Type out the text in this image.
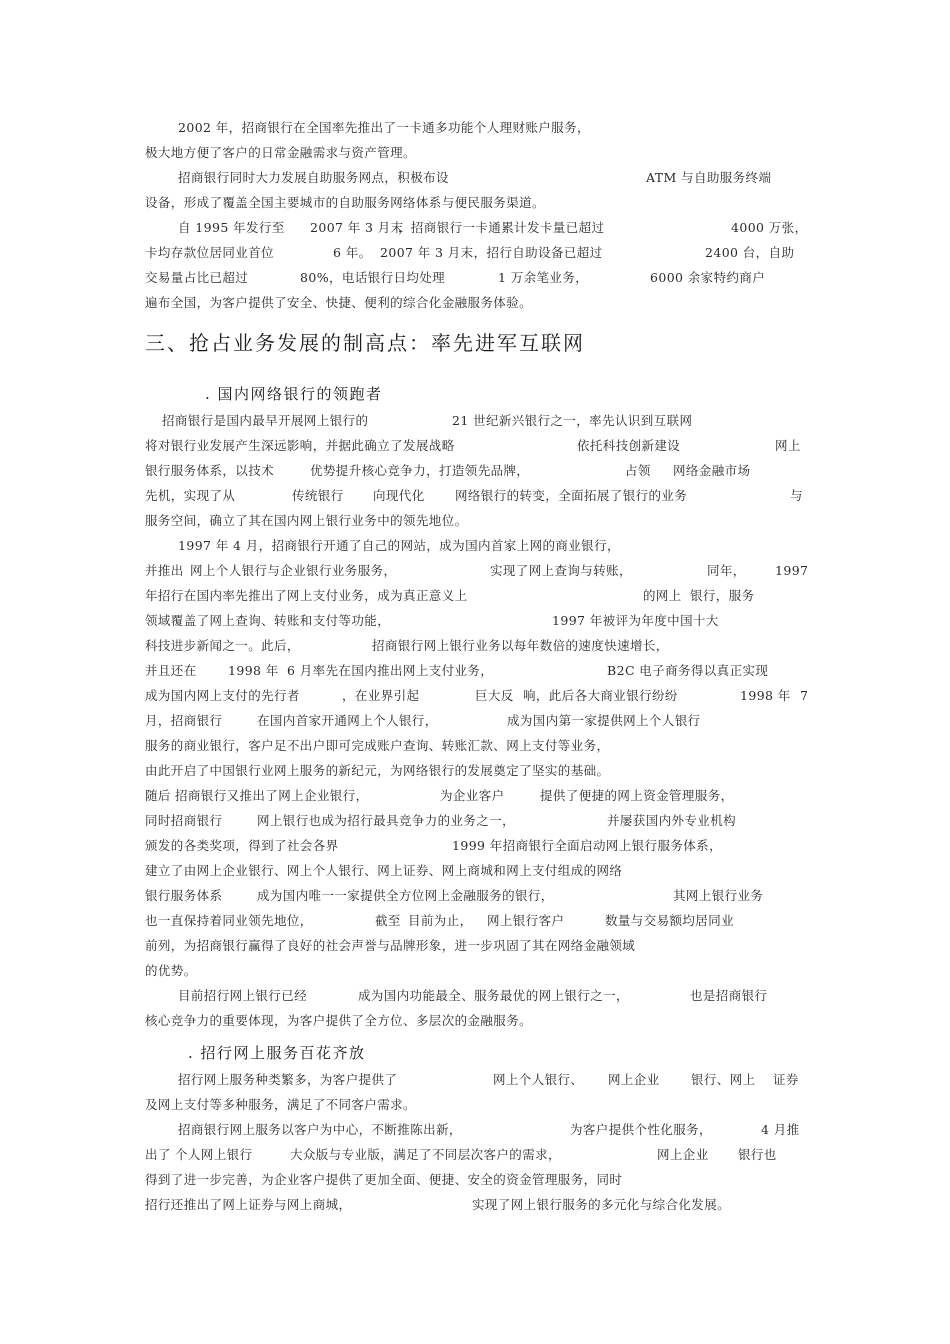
2002 年，招商银行在全国率先推出了一卡通多功能个人理财账户服务，
极大地方便了客户的日常金融需求与资产管理。
招商银行同时大力发展自助服务网点，积极布设	ATM 与自助服务终端
设备，形成了覆盖全国主要城市的自助服务网络体系与便民服务渠道。
自 1995 年发行至 2007 年 3 月末
，招商银行一卡通累计发卡量已超过	4000 万张，
卡均存款位居同业首位	6 年。 2007 年 3 月末，招行自助设备已超过	2400 台，自助
交易量占比已超过	80%，电话银行日均处理	1 万余笔业务，	6000 余家特约商户
遍布全国，为客户提供了安全、快捷、便利的综合化金融服务体验。
三、抢占业务发展的制高点：率先进军互联网
. 国内网络银行的领跑者
招商银行是国内最早开展网上银行的	21 世纪新兴银行之一，率先认识到互联网
将对银行业发展产生深远影响，并据此确立了发展战略	依托科技创新建设	网上
银行服务体系，以技术	优势提升核心竞争力，打造领先品牌，	占领 网络金融市场
先机，实现了从	传统银行 向现代化 网络银行的转变，全面拓展了银行的业务	与
服务空间，确立了其在国内网上银行业务中的领先地位。
1997 年 4 月，招商银行开通了自己的网站，成为国内首家上网的商业银行，
并推出 网上个人银行与企业银行业务服务，	实现了网上查询与转账，	同年， 1997
年招行在国内率先推出了网上支付业务，成为真正意义上	的网上 银行，服务
领域覆盖了网上查询、转账和支付等功能，	1997 年被评为年度中国十大
科技进步新闻之一。此后，	招商银行网上银行业务以每年数倍的速度快速增长，
并且还在	1998 年 6 月率先在国内推出网上支付业务，	B2C 电子商务得以真正实现
成为国内网上支付的先行者	，在业界引起	巨大反 响，此后各大商业银行纷纷	1998 年 7
月，招商银行	在国内首家开通网上个人银行，	成为国内第一家提供网上个人银行
服务的商业银行，客户足不出户即可完成账户查询、转账汇款、网上支付等业务，
由此开启了中国银行业网上服务的新纪元，为网络银行的发展奠定了坚实的基础。
随后 招商银行又推出了网上企业银行，	为企业客户	提供了便捷的网上资金管理服务，
同时招商银行	网上银行也成为招行最具竞争力的业务之一，	并屡获国内外专业机构
颁发的各类奖项，得到了社会各界	1999 年招商银行全面启动网上银行服务体系，
建立了由网上企业银行、网上个人银行、网上证券、网上商城和网上支付组成的网络
银行服务体系	成为国内唯一一家提供全方位网上金融服务的银行，	其网上银行业务
也一直保持着同业领先地位，	截至 目前为止， 网上银行客户	数量与交易额均居同业
前列，为招商银行赢得了良好的社会声誉与品牌形象，进一步巩固了其在网络金融领域
的优势。
目前招行网上银行已经	成为国内功能最全、服务最优的网上银行之一，	也是招商银行
核心竞争力的重要体现，为客户提供了全方位、多层次的金融服务。
. 招行网上服务百花齐放
招行网上服务种类繁多，为客户提供了	网上个人银行、 网上企业	银行、网上 证券
及网上支付等多种服务，满足了不同客户需求。
招商银行网上服务以客户为中心，不断推陈出新，	为客户提供个性化服务，	4 月推
出了 个人网上银行	大众版与专业版，满足了不同层次客户的需求，	网上企业 银行也
得到了进一步完善，为企业客户提供了更加全面、便捷、安全的资金管理服务，同时
招行还推出了网上证券与网上商城，	实现了网上银行服务的多元化与综合化发展。
